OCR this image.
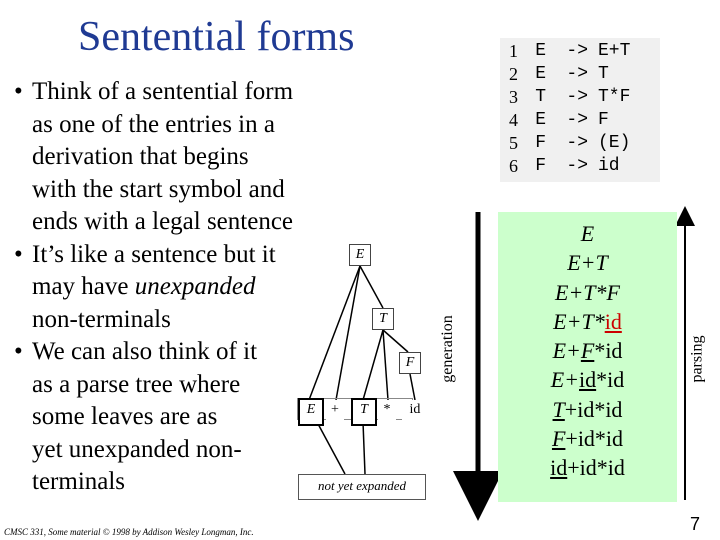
Sentential forms
• Think of a sentential form
as one of the entries in a
derivation that begins
with the start symbol and
ends with a legal sentence
• It’s like a sentence but it
may have unexpanded
non-terminals
• We can also think of it
as a parse tree where
some leaves are as
yet unexpanded non-
terminals
1 E	-> E+T
2 E	-> T
3 T	-> T*F
4 E	-> F
5 F	-> (E)
6 F	-> id
generation	parsing
E
E+T
E+T*F
E+T*id
E+F*id
E+id*id
T+id*id
F+id*id
id+id*id
E
T
F
E	+	T	*	id
not yet expanded
CMSC 331, Some material © 1998 by Addison Wesley Longman, Inc.	7
